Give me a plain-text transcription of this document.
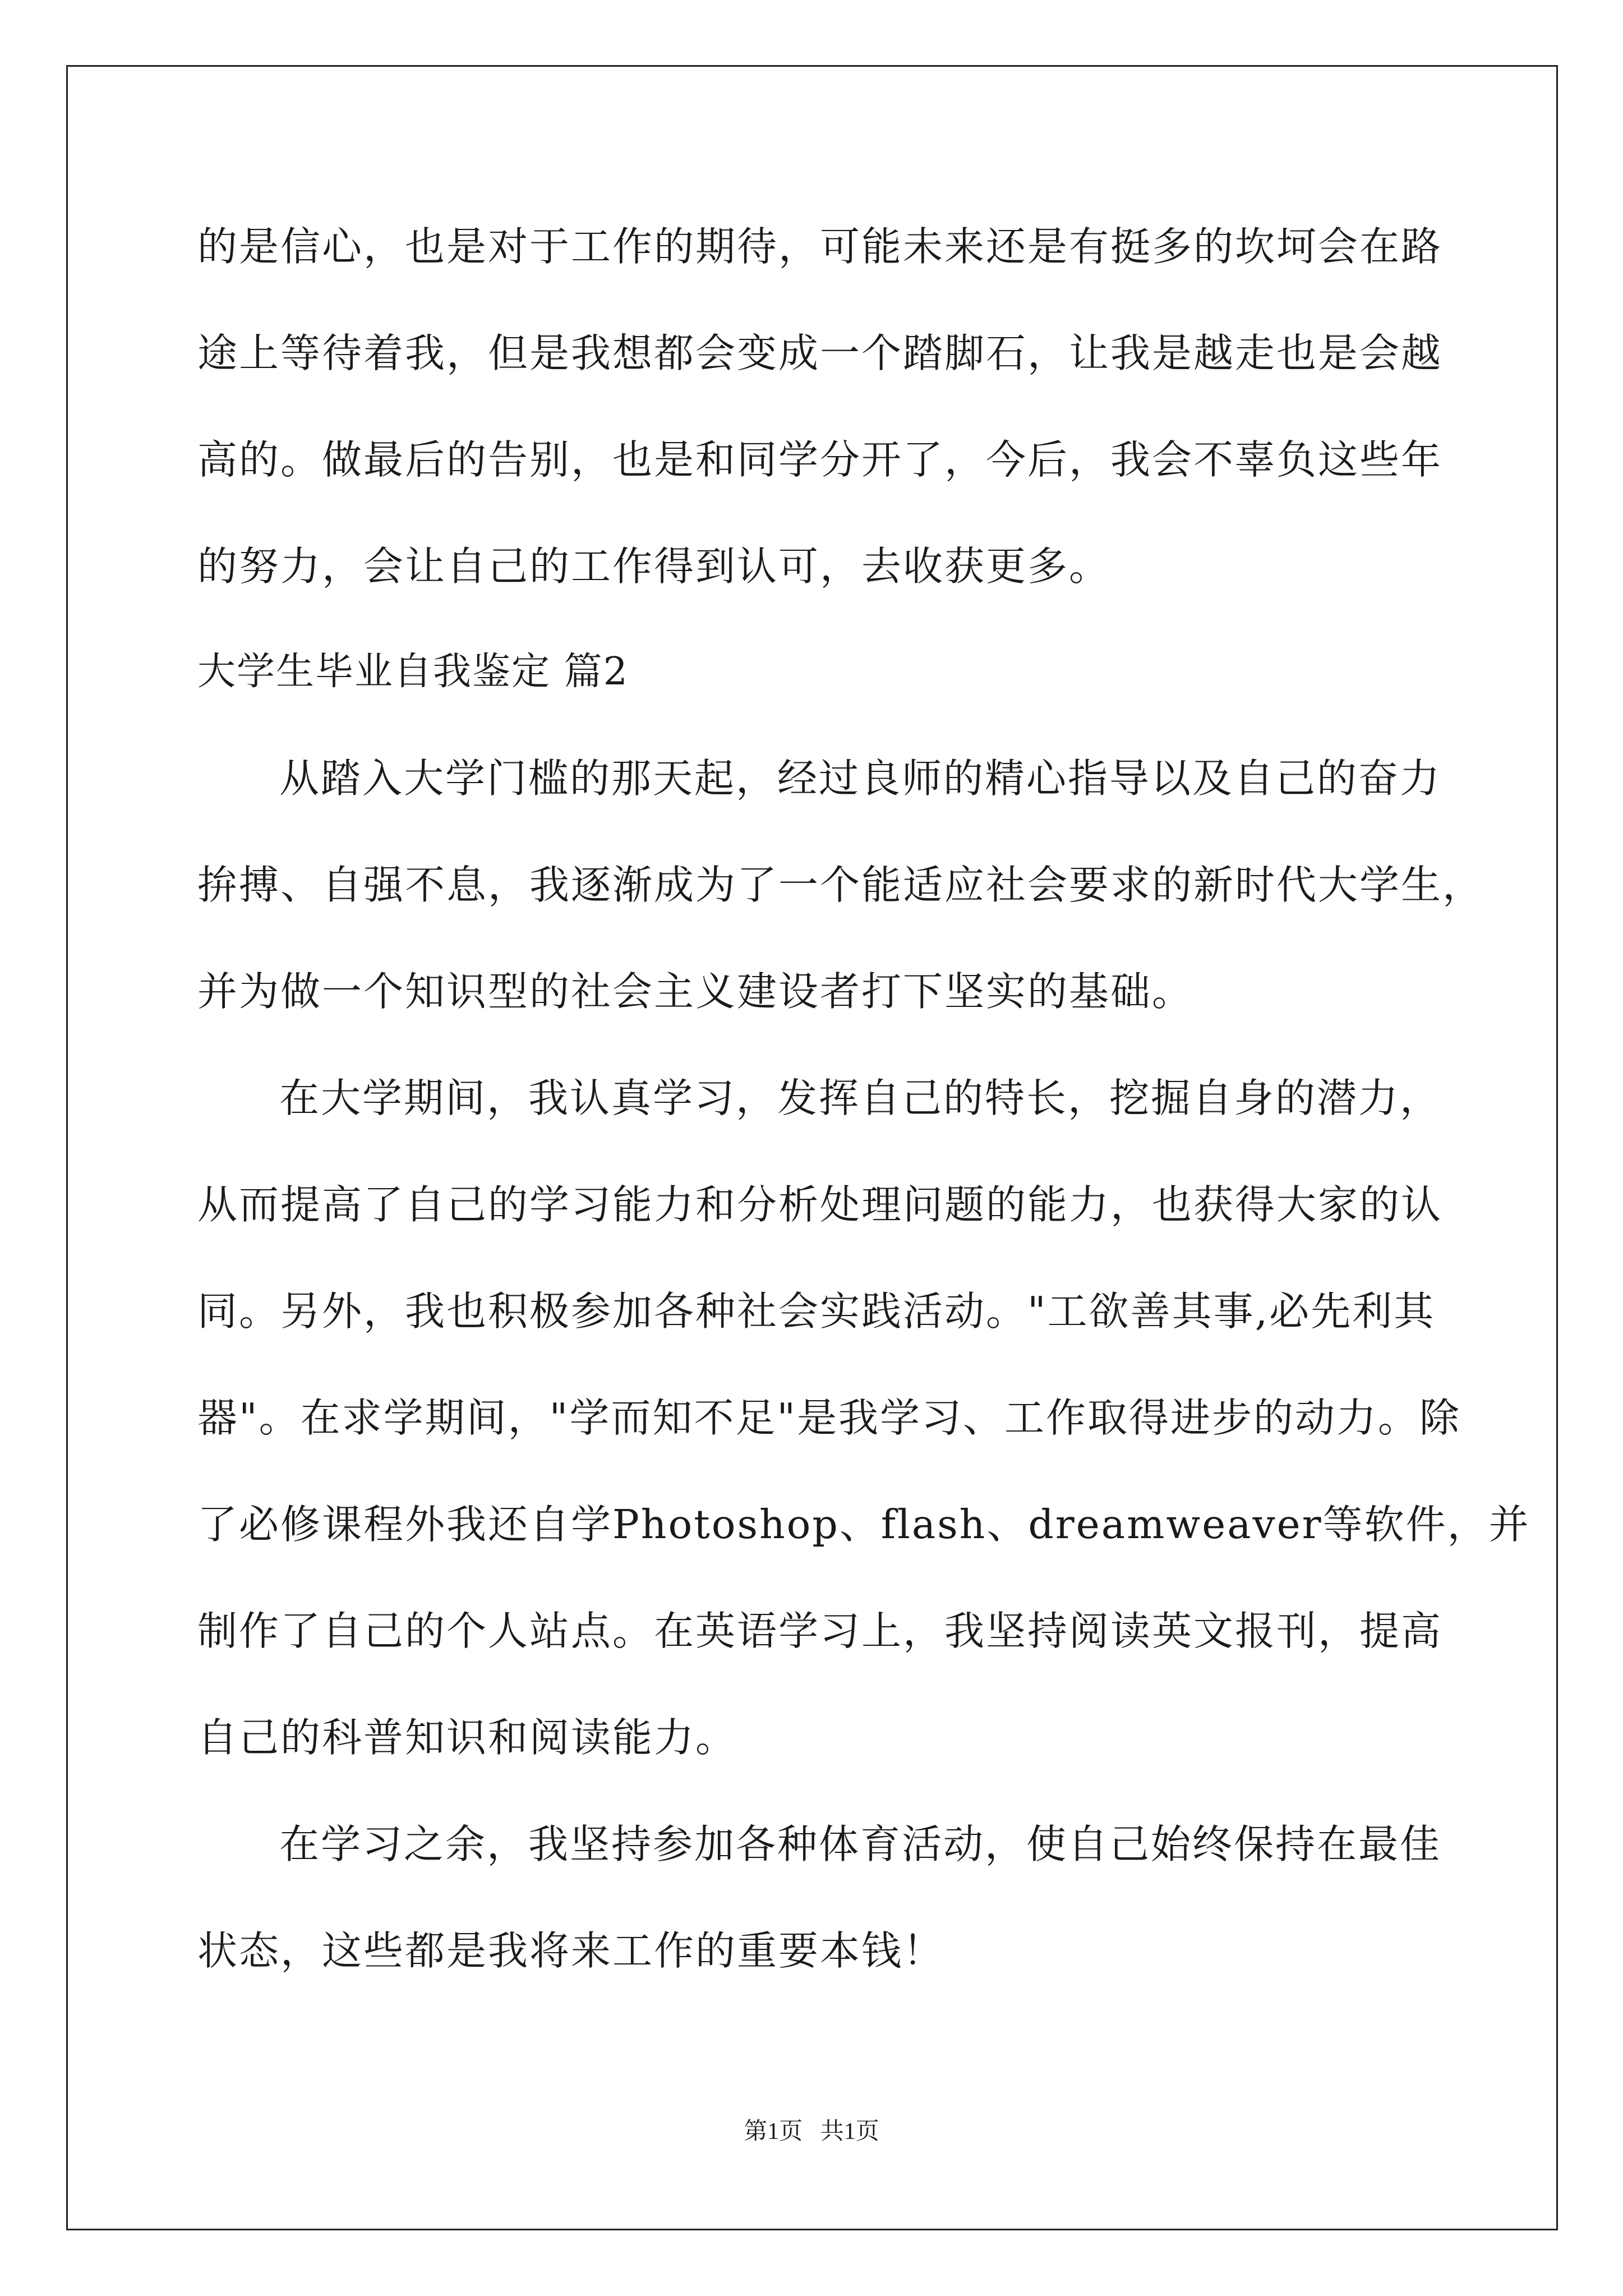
的是信心，也是对于工作的期待，可能未来还是有挺多的坎坷会在路
途上等待着我，但是我想都会变成一个踏脚石，让我是越走也是会越
高的。做最后的告别，也是和同学分开了，今后，我会不辜负这些年
的努力，会让自己的工作得到认可，去收获更多。
大学生毕业自我鉴定 篇2
从踏入大学门槛的那天起，经过良师的精心指导以及自己的奋力
拚搏、自强不息，我逐渐成为了一个能适应社会要求的新时代大学生，
并为做一个知识型的社会主义建设者打下坚实的基础。
在大学期间，我认真学习，发挥自己的特长，挖掘自身的潜力，
从而提高了自己的学习能力和分析处理问题的能力，也获得大家的认
同。另外，我也积极参加各种社会实践活动。"工欲善其事,必先利其
器"。在求学期间，"学而知不足"是我学习、工作取得进步的动力。除
了必修课程外我还自学Photoshop、flash、dreamweaver等软件，并
制作了自己的个人站点。在英语学习上，我坚持阅读英文报刊，提高
自己的科普知识和阅读能力。
在学习之余，我坚持参加各种体育活动，使自己始终保持在最佳
状态，这些都是我将来工作的重要本钱！
第1页 共1页
